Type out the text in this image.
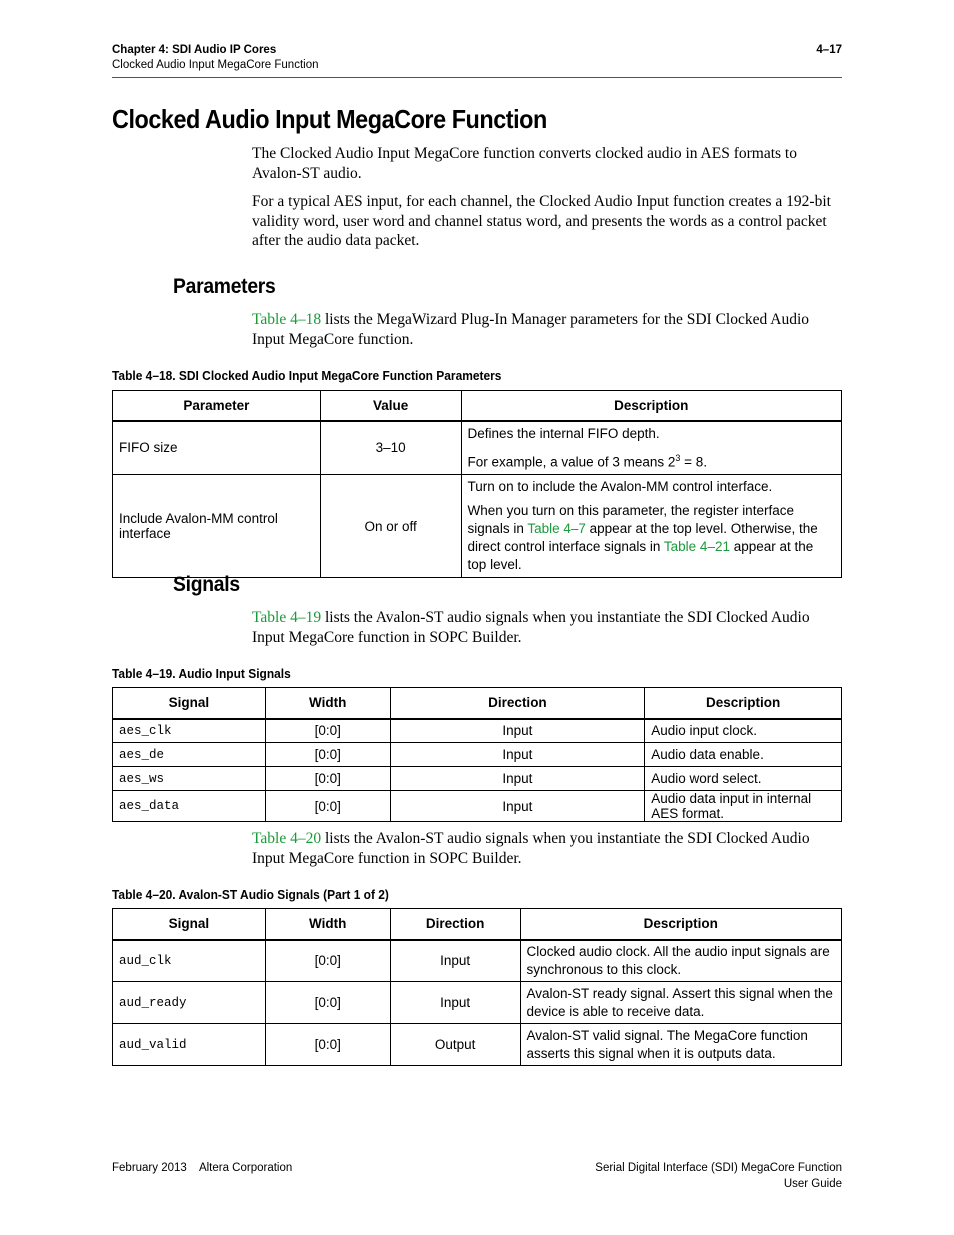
Chapter 4: SDI Audio IP Cores
Clocked Audio Input MegaCore Function
4–17
Clocked Audio Input MegaCore Function
The Clocked Audio Input MegaCore function converts clocked audio in AES formats to Avalon-ST audio.
For a typical AES input, for each channel, the Clocked Audio Input function creates a 192-bit validity word, user word and channel status word, and presents the words as a control packet after the audio data packet.
Parameters
Table 4–18 lists the MegaWizard Plug-In Manager parameters for the SDI Clocked Audio Input MegaCore function.
Table 4–18. SDI Clocked Audio Input MegaCore Function Parameters
Parameter	Value	Description
FIFO size	3–10	Defines the internal FIFO depth.

For example, a value of 3 means $2^3 = 8$.

Include Avalon-MM control interface	On or off	Turn on to include the Avalon-MM control interface.

When you turn on this parameter, the register interface signals in Table 4–7 appear at the top level. Otherwise, the direct control interface signals in Table 4–21 appear at the top level.

Signals
Table 4–19 lists the Avalon-ST audio signals when you instantiate the SDI Clocked Audio Input MegaCore function in SOPC Builder.
Table 4–19. Audio Input Signals
Signal	Width	Direction	Description
aes_clk	[0:0]	Input	Audio input clock.
aes_de	[0:0]	Input	Audio data enable.
aes_ws	[0:0]	Input	Audio word select.
aes_data	[0:0]	Input	Audio data input in internal AES format.
Table 4–20 lists the Avalon-ST audio signals when you instantiate the SDI Clocked Audio Input MegaCore function in SOPC Builder.
Table 4–20. Avalon-ST Audio Signals (Part 1 of 2)
Signal	Width	Direction	Description
aud_clk	[0:0]	Input	Clocked audio clock. All the audio input signals are synchronous to this clock.
aud_ready	[0:0]	Input	Avalon-ST ready signal. Assert this signal when the device is able to receive data.
aud_valid	[0:0]	Output	Avalon-ST valid signal. The MegaCore function asserts this signal when it is outputs data.
February 2013    Altera Corporation	Serial Digital Interface (SDI) MegaCore Function
User Guide
